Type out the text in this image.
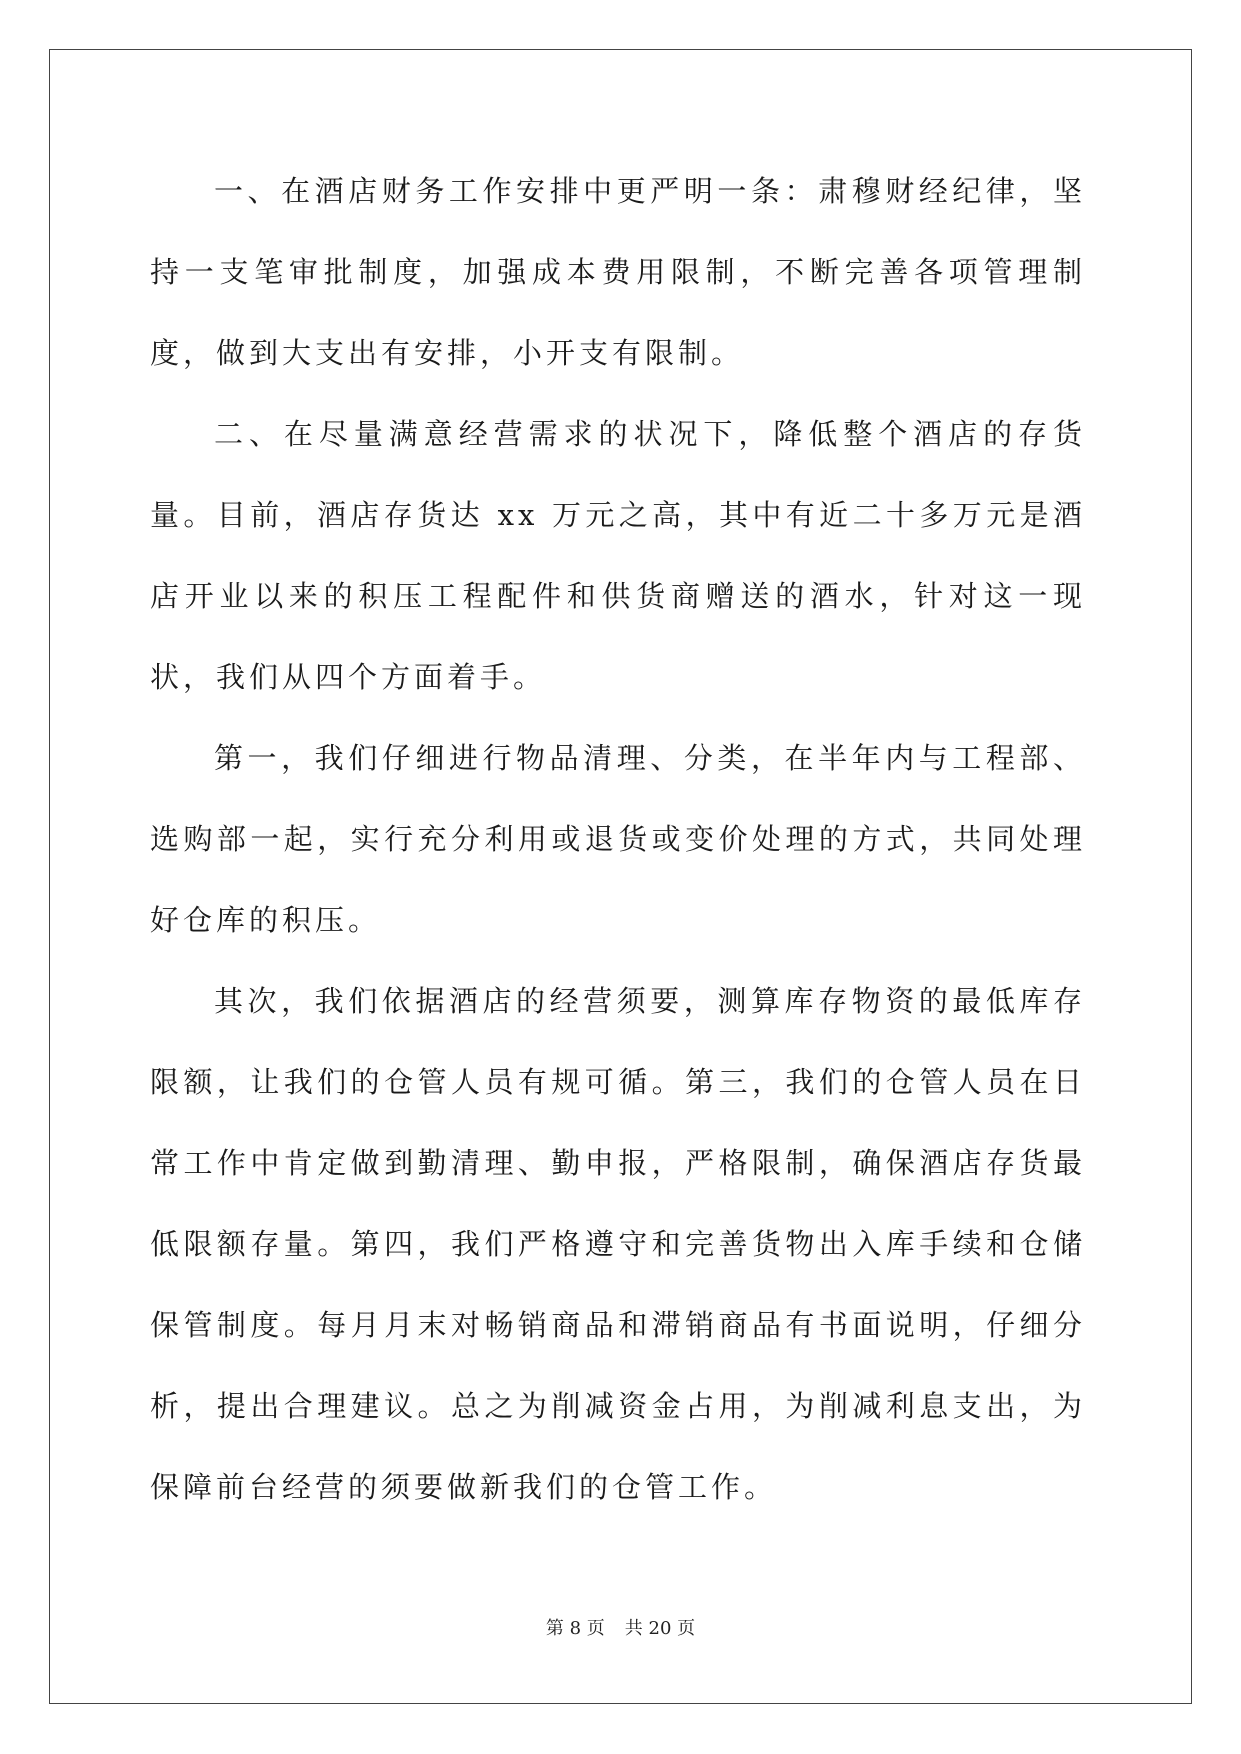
一、在酒店财务工作安排中更严明一条：肃穆财经纪律，坚持一支笔审批制度，加强成本费用限制，不断完善各项管理制度，做到大支出有安排，小开支有限制。

二、在尽量满意经营需求的状况下，降低整个酒店的存货量。目前，酒店存货达 xx 万元之高，其中有近二十多万元是酒店开业以来的积压工程配件和供货商赠送的酒水，针对这一现状，我们从四个方面着手。

第一，我们仔细进行物品清理、分类，在半年内与工程部、选购部一起，实行充分利用或退货或变价处理的方式，共同处理好仓库的积压。

其次，我们依据酒店的经营须要，测算库存物资的最低库存限额，让我们的仓管人员有规可循。第三，我们的仓管人员在日常工作中肯定做到勤清理、勤申报，严格限制，确保酒店存货最低限额存量。第四，我们严格遵守和完善货物出入库手续和仓储保管制度。每月月末对畅销商品和滞销商品有书面说明，仔细分析，提出合理建议。总之为削减资金占用，为削减利息支出，为保障前台经营的须要做新我们的仓管工作。

第 8 页 共 20 页
